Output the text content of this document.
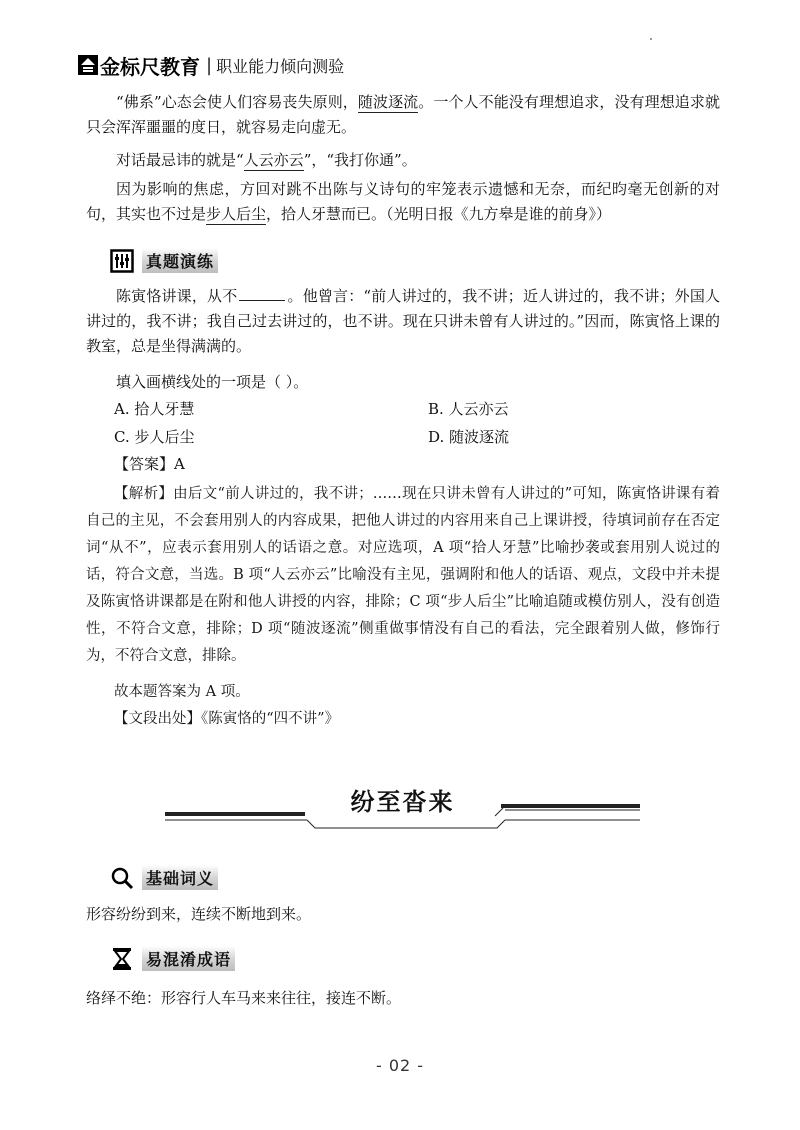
金标尺教育 | 职业能力倾向测验
“佛系”心态会使人们容易丧失原则，随波逐流。一个人不能没有理想追求，没有理想追求就只会浑浑噩噩的度日，就容易走向虚无。
对话最忌讳的就是“人云亦云”，“我打你通”。
因为影响的焦虑，方回对跳不出陈与义诗句的牢笼表示遗憾和无奈，而纪昀毫无创新的对句，其实也不过是步人后尘，拾人牙慧而已。（光明日报《九方皋是谁的前身》）
真题演练
陈寅恪讲课，从不	。他曾言：“前人讲过的，我不讲；近人讲过的，我不讲；外国人讲过的，我不讲；我自己过去讲过的，也不讲。现在只讲未曾有人讲过的。”因而，陈寅恪上课的教室，总是坐得满满的。
填入画横线处的一项是（ ）。
A. 拾人牙慧	B. 人云亦云
C. 步人后尘	D. 随波逐流
【答案】A
【解析】由后文“前人讲过的，我不讲；……现在只讲未曾有人讲过的”可知，陈寅恪讲课有着自己的主见，不会套用别人的内容成果，把他人讲过的内容用来自己上课讲授，待填词前存在否定词“从不”，应表示套用别人的话语之意。对应选项，A 项“拾人牙慧”比喻抄袭或套用别人说过的话，符合文意，当选。B 项“人云亦云”比喻没有主见，强调附和他人的话语、观点，文段中并未提及陈寅恪讲课都是在附和他人讲授的内容，排除；C 项“步人后尘”比喻追随或模仿别人，没有创造性，不符合文意，排除；D 项“随波逐流”侧重做事情没有自己的看法，完全跟着别人做，修饰行为，不符合文意，排除。
故本题答案为 A 项。
【文段出处】《陈寅恪的“四不讲”》
纷至沓来
基础词义
形容纷纷到来，连续不断地到来。
易混淆成语
络绎不绝：形容行人车马来来往往，接连不断。
- 02 -
